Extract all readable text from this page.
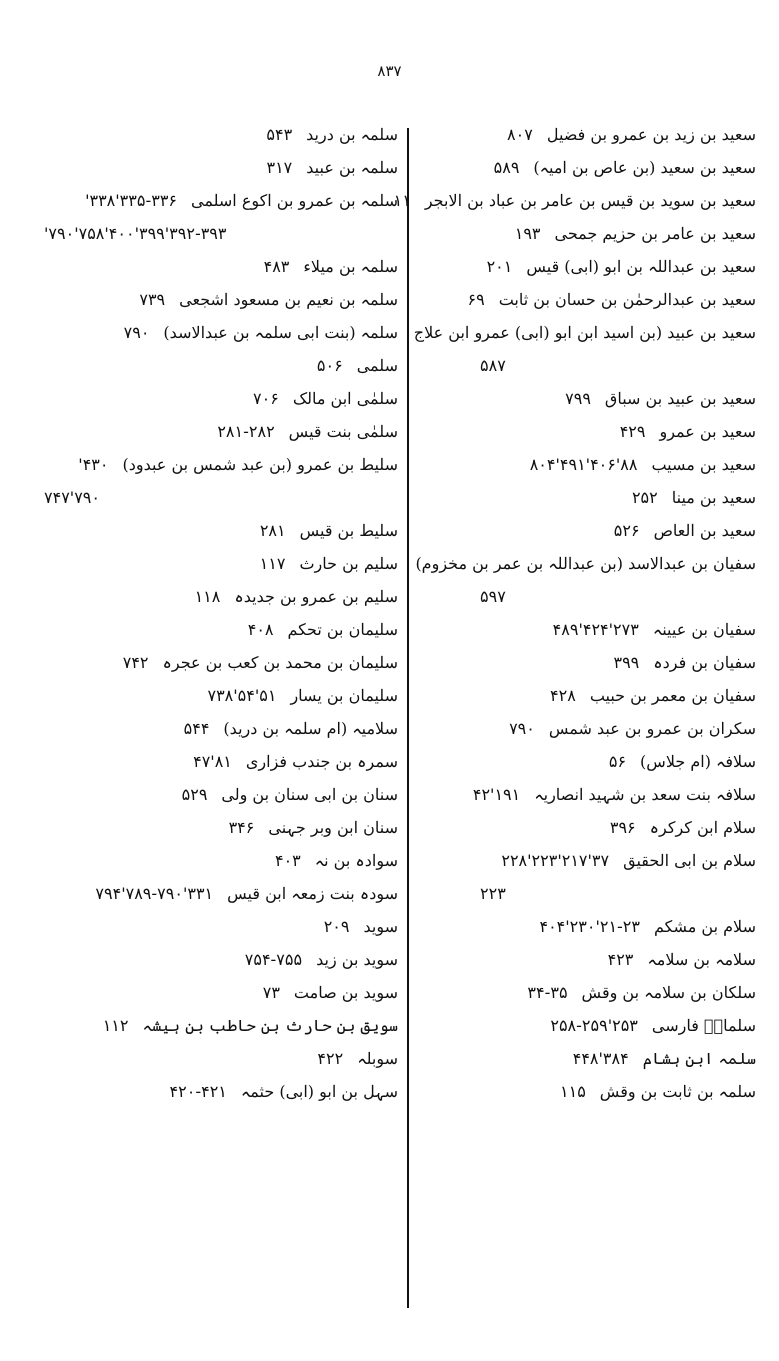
۸۳۷
سلمہ بن درید۵۴۳
سلمہ بن عبید۳۱۷
سلمہ بن عمرو بن اکوع اسلمی۳۳۵-۳۳۶'۳۳۸'
۳۹۲-۳۹۳'۳۹۹'۴۰۰'۷۵۸'۷۹۰'
سلمہ بن میلاء۴۸۳
سلمہ بن نعیم بن مسعود اشجعی۷۳۹
سلمہ (بنت ابی سلمہ بن عبدالاسد)۷۹۰
سلمی۵۰۶
سلمٰی ابن مالک۷۰۶
سلمٰی بنت قیس۲۸۱-۲۸۲
سلیط بن عمرو (بن عبد شمس بن عبدود)۴۳۰'
۷۹۰'۷۴۷
سلیط بن قیس۲۸۱
سلیم بن حارث۱۱۷
سلیم بن عمرو بن جدیدہ۱۱۸
سلیمان بن تحکم۴۰۸
سلیمان بن محمد بن کعب بن عجرہ۷۴۲
سلیمان بن یسار۵۱'۵۴'۷۳۸
سلامیہ (ام سلمہ بن درید)۵۴۴
سمرہ بن جندب فزاری۸۱'۴۷
سنان بن ابی سنان بن ولی۵۲۹
سنان ابن وبر جہنی۳۴۶
سوادہ بن نہ۴۰۳
سودہ بنت زمعہ ابن قیس۳۳۱'۷۸۹-۷۹۰'۷۹۴
سوید۲۰۹
سوید بن زید۷۵۴-۷۵۵
سوید بن صامت۷۳
سویق بن حارث بن حاطب بن ہیشہ۱۱۲
سوبلہ۴۲۲
سہل بن ابو (ابی) حثمہ۴۲۰-۴۲۱
سعید بن زید بن عمرو بن فضیل۸۰۷
سعید بن سعید (بن عاص بن امیہ)۵۸۹
سعید بن سوید بن قیس بن عامر بن عباد بن الابجر۱۱
سعید بن عامر بن حزیم جمحی۱۹۳
سعید بن عبداللہ بن ابو (ابی) قیس۲۰۱
سعید بن عبدالرحمٰن بن حسان بن ثابت۶۹
سعید بن عبید (بن اسید ابن ابو (ابی) عمرو ابن علاج
۵۸۷
سعید بن عبید بن سباق۷۹۹
سعید بن عمرو۴۲۹
سعید بن مسیب۸۸'۴۰۶'۴۹۱'۸۰۴
سعید بن مینا۲۵۲
سعید بن العاص۵۲۶
سفیان بن عبدالاسد (بن عبداللہ بن عمر بن مخزوم)
۵۹۷
سفیان بن عیینہ۲۷۳'۴۲۴'۴۸۹
سفیان بن فردہ۳۹۹
سفیان بن معمر بن حبیب۴۲۸
سکران بن عمرو بن عبد شمس۷۹۰
سلافہ (ام جلاس)۵۶
سلافہ بنت سعد بن شہید انصاریہ۱۹۱'۴۲
سلام ابن کرکرہ۳۹۶
سلام بن ابی الحقیق۳۷'۲۱۷'۲۲۳'۲۲۸
۲۲۳
سلام بن مشکم۲۱-۲۳'۲۳۰'۴۰۴
سلامہ بن سلامہ۴۲۳
سلکان بن سلامہ بن وقش۳۴-۳۵
سلمانؓ فارسی۲۵۳'۲۵۸-۲۵۹
سلمہ ابن ہشام۳۸۴'۴۴۸
سلمہ بن ثابت بن وقش۱۱۵
